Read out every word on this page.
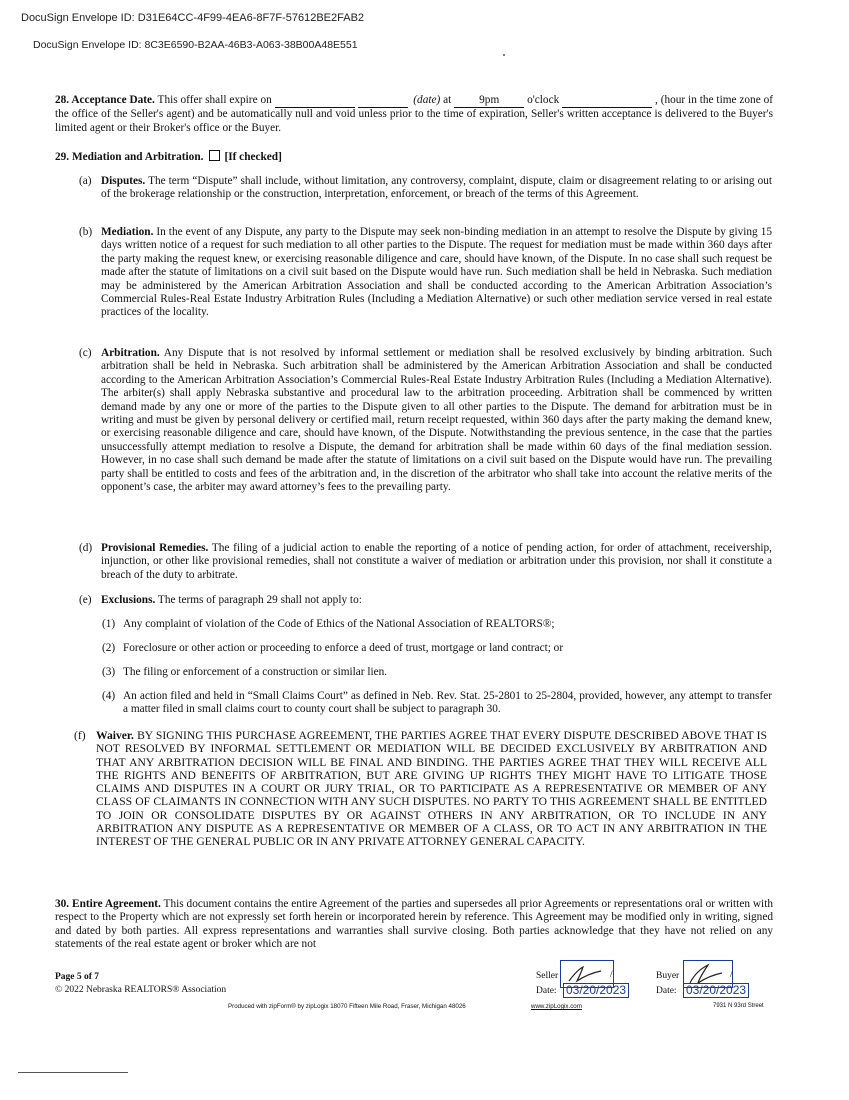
DocuSign Envelope ID: D31E64CC-4F99-4EA6-8F7F-57612BE2FAB2
DocuSign Envelope ID: 8C3E6590-B2AA-46B3-A063-38B00A48E551

28. Acceptance Date. This offer shall expire on	(date) at 9pm o'clock	, (hour in the time zone of the office of the Seller's agent) and be automatically null and void unless prior to the time of expiration, Seller's written acceptance is delivered to the Buyer's limited agent or their Broker's office or the Buyer.

29. Mediation and Arbitration. [If checked]
(a) Disputes. The term “Dispute” shall include, without limitation, any controversy, complaint, dispute, claim or disagreement relating to or arising out of the brokerage relationship or the construction, interpretation, enforcement, or breach of the terms of this Agreement.
(b) Mediation. In the event of any Dispute, any party to the Dispute may seek non-binding mediation in an attempt to resolve the Dispute by giving 15 days written notice of a request for such mediation to all other parties to the Dispute. The request for mediation must be made within 360 days after the party making the request knew, or exercising reasonable diligence and care, should have known, of the Dispute. In no case shall such request be made after the statute of limitations on a civil suit based on the Dispute would have run. Such mediation shall be held in Nebraska. Such mediation may be administered by the American Arbitration Association and shall be conducted according to the American Arbitration Association’s Commercial Rules-Real Estate Industry Arbitration Rules (Including a Mediation Alternative) or such other mediation service versed in real estate practices of the locality.
(c) Arbitration. Any Dispute that is not resolved by informal settlement or mediation shall be resolved exclusively by binding arbitration. Such arbitration shall be held in Nebraska. Such arbitration shall be administered by the American Arbitration Association and shall be conducted according to the American Arbitration Association’s Commercial Rules-Real Estate Industry Arbitration Rules (Including a Mediation Alternative). The arbiter(s) shall apply Nebraska substantive and procedural law to the arbitration proceeding. Arbitration shall be commenced by written demand made by any one or more of the parties to the Dispute given to all other parties to the Dispute. The demand for arbitration must be in writing and must be given by personal delivery or certified mail, return receipt requested, within 360 days after the party making the demand knew, or exercising reasonable diligence and care, should have known, of the Dispute. Notwithstanding the previous sentence, in the case that the parties unsuccessfully attempt mediation to resolve a Dispute, the demand for arbitration shall be made within 60 days of the final mediation session. However, in no case shall such demand be made after the statute of limitations on a civil suit based on the Dispute would have run. The prevailing party shall be entitled to costs and fees of the arbitration and, in the discretion of the arbitrator who shall take into account the relative merits of the opponent’s case, the arbiter may award attorney’s fees to the prevailing party.
(d) Provisional Remedies. The filing of a judicial action to enable the reporting of a notice of pending action, for order of attachment, receivership, injunction, or other like provisional remedies, shall not constitute a waiver of mediation or arbitration under this provision, nor shall it constitute a breach of the duty to arbitrate.
(e) Exclusions. The terms of paragraph 29 shall not apply to:
(1) Any complaint of violation of the Code of Ethics of the National Association of REALTORS®;
(2) Foreclosure or other action or proceeding to enforce a deed of trust, mortgage or land contract; or
(3) The filing or enforcement of a construction or similar lien.
(4) An action filed and held in “Small Claims Court” as defined in Neb. Rev. Stat. 25-2801 to 25-2804, provided, however, any attempt to transfer a matter filed in small claims court to county court shall be subject to paragraph 30.
(f) Waiver. BY SIGNING THIS PURCHASE AGREEMENT, THE PARTIES AGREE THAT EVERY DISPUTE DESCRIBED ABOVE THAT IS NOT RESOLVED BY INFORMAL SETTLEMENT OR MEDIATION WILL BE DECIDED EXCLUSIVELY BY ARBITRATION AND THAT ANY ARBITRATION DECISION WILL BE FINAL AND BINDING. THE PARTIES AGREE THAT THEY WILL RECEIVE ALL THE RIGHTS AND BENEFITS OF ARBITRATION, BUT ARE GIVING UP RIGHTS THEY MIGHT HAVE TO LITIGATE THOSE CLAIMS AND DISPUTES IN A COURT OR JURY TRIAL, OR TO PARTICIPATE AS A REPRESENTATIVE OR MEMBER OF ANY CLASS OF CLAIMANTS IN CONNECTION WITH ANY SUCH DISPUTES. NO PARTY TO THIS AGREEMENT SHALL BE ENTITLED TO JOIN OR CONSOLIDATE DISPUTES BY OR AGAINST OTHERS IN ANY ARBITRATION, OR TO INCLUDE IN ANY ARBITRATION ANY DISPUTE AS A REPRESENTATIVE OR MEMBER OF A CLASS, OR TO ACT IN ANY ARBITRATION IN THE INTEREST OF THE GENERAL PUBLIC OR IN ANY PRIVATE ATTORNEY GENERAL CAPACITY.

30. Entire Agreement. This document contains the entire Agreement of the parties and supersedes all prior Agreements or representations oral or written with respect to the Property which are not expressly set forth herein or incorporated herein by reference. This Agreement may be modified only in writing, signed and dated by both parties. All express representations and warranties shall survive closing. Both parties acknowledge that they have not relied on any statements of the real estate agent or broker which are not

Page 5 of 7
© 2022 Nebraska REALTORS® Association
Produced with zipForm® by zipLogix 18070 Fifteen Mile Road, Fraser, Michigan 48026	www.zipLogix.com	7931 N 93rd Street
Seller	/
Date: 03/20/2023
Buyer	/
Date: 03/20/2023
